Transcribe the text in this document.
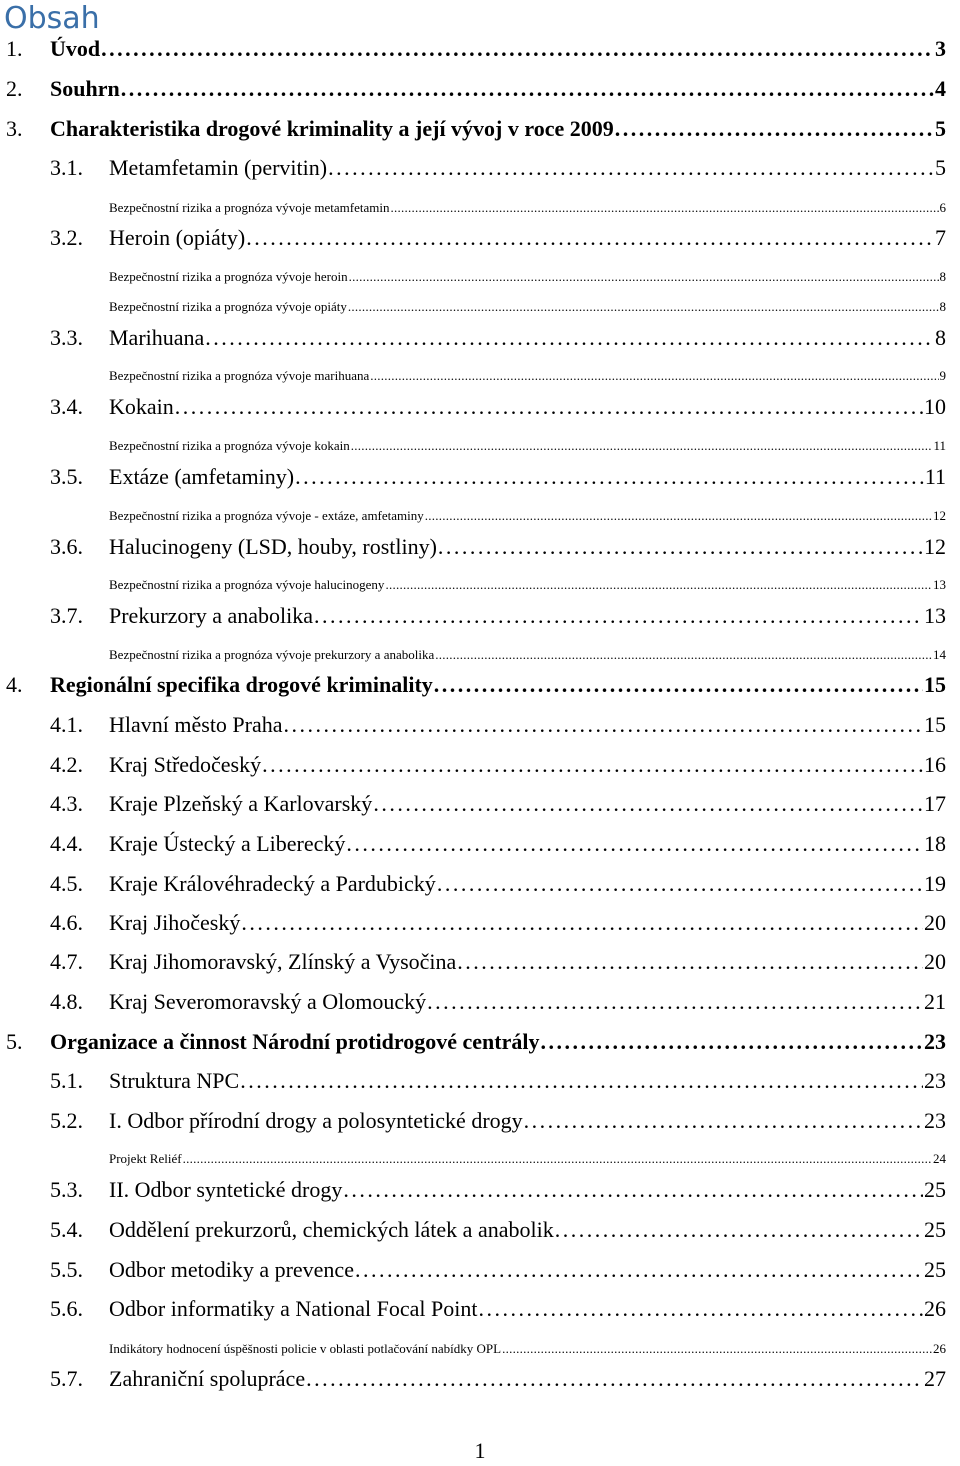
Obsah
1.	Úvod . . .	3
2.	Souhrn . . .	4
3.	Charakteristika drogové kriminality a její vývoj v roce 2009 . . .	5
3.1.	Metamfetamin (pervitin) . . .	5
Bezpečnostní rizika a prognóza vývoje metamfetamin . . .	6
3.2.	Heroin (opiáty) . . .	7
Bezpečnostní rizika a prognóza vývoje heroin . . .	8
Bezpečnostní rizika a prognóza vývoje opiáty . . .	8
3.3.	Marihuana . . .	8
Bezpečnostní rizika a prognóza vývoje marihuana . . .	9
3.4.	Kokain . . .	10
Bezpečnostní rizika a prognóza vývoje kokain . . .	11
3.5.	Extáze (amfetaminy) . . .	11
Bezpečnostní rizika a prognóza vývoje - extáze, amfetaminy . . .	12
3.6.	Halucinogeny (LSD, houby, rostliny) . . .	12
Bezpečnostní rizika a prognóza vývoje halucinogeny . . .	13
3.7.	Prekurzory a anabolika . . .	13
Bezpečnostní rizika a prognóza vývoje prekurzory a anabolika . . .	14
4.	Regionální specifika drogové kriminality . . .	15
4.1.	Hlavní město Praha . . .	15
4.2.	Kraj Středočeský . . .	16
4.3.	Kraje Plzeňský a Karlovarský . . .	17
4.4.	Kraje Ústecký a Liberecký . . .	18
4.5.	Kraje Královéhradecký a Pardubický . . .	19
4.6.	Kraj Jihočeský . . .	20
4.7.	Kraj Jihomoravský, Zlínský a Vysočina . . .	20
4.8.	Kraj Severomoravský a Olomoucký . . .	21
5.	Organizace a činnost Národní protidrogové centrály . . .	23
5.1.	Struktura NPC . . .	23
5.2.	I. Odbor přírodní drogy a polosyntetické drogy . . .	23
Projekt Reliéf . . .	24
5.3.	II. Odbor syntetické drogy . . .	25
5.4.	Oddělení prekurzorů, chemických látek a anabolik . . .	25
5.5.	Odbor metodiky a prevence . . .	25
5.6.	Odbor informatiky a National Focal Point . . .	26
Indikátory hodnocení úspěšnosti policie v oblasti potlačování nabídky OPL . . .	26
5.7.	Zahraniční spolupráce . . .	27
1
